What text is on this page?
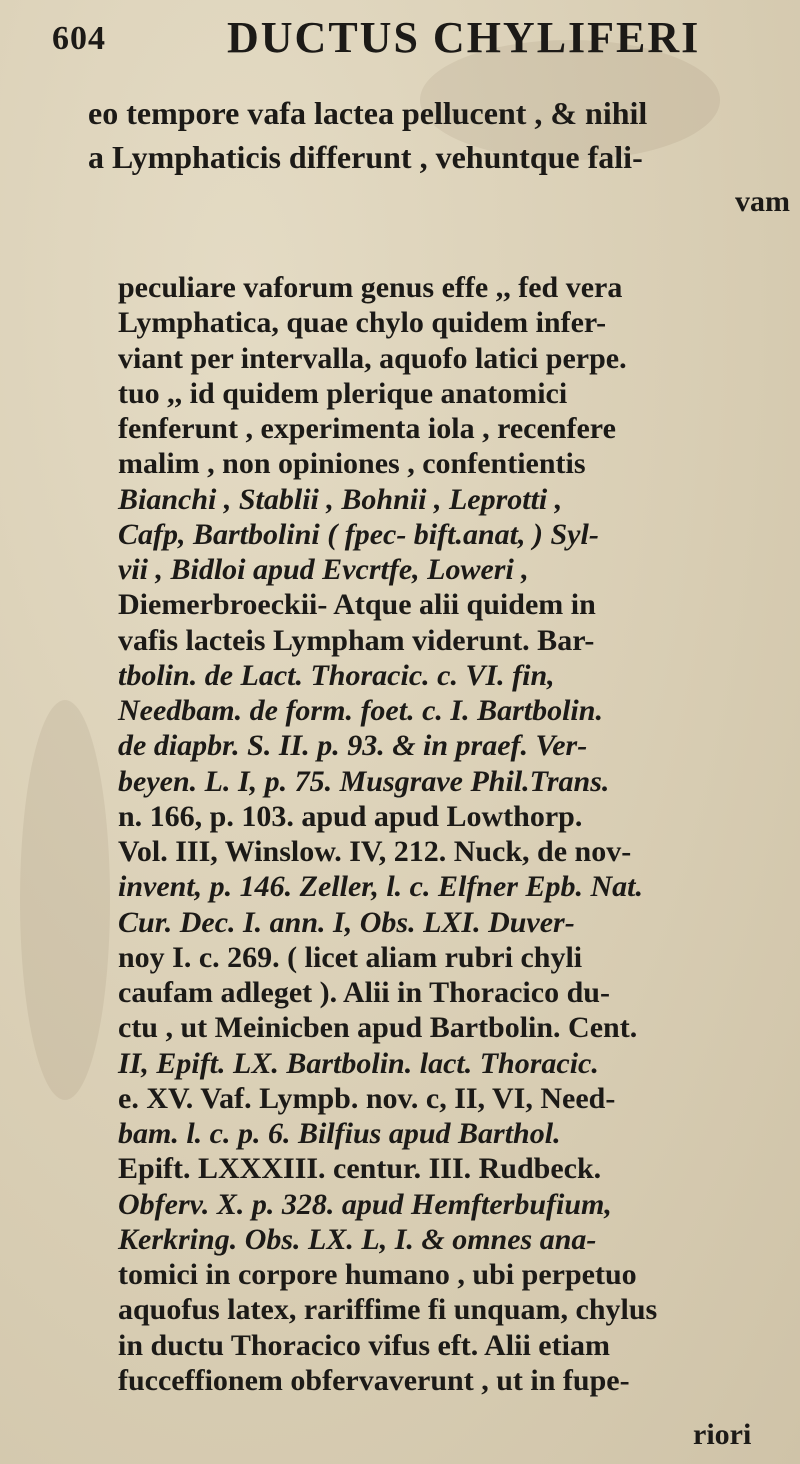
604	DUCTUS CHYLIFERI
eo tempore vafa lactea pellucent , & nihil
a Lymphaticis differunt , vehuntque fali-
vam
peculiare vaforum genus effe ,, fed vera
Lymphatica, quae chylo quidem infer-
viant per intervalla, aquofo latici perpe.
tuo ,, id quidem plerique anatomici
fenferunt , experimenta iola , recenfere
malim , non opiniones , confentientis
Bianchi , Stablii , Bohnii , Leprotti ,
Cafp, Bartbolini ( fpec- bift.anat, ) Syl-
vii , Bidloi apud Evcrtfe, Loweri ,
Diemerbroeckii- Atque alii quidem in
vafis lacteis Lympham viderunt. Bar-
tbolin. de Lact. Thoracic. c. VI. fin,
Needbam. de form. foet. c. I. Bartbolin.
de diapbr. S. II. p. 93. & in praef. Ver-
beyen. L. I, p. 75. Musgrave Phil.Trans.
n. 166, p. 103. apud apud Lowthorp.
Vol. III, Winslow. IV, 212. Nuck, de nov-
invent, p. 146. Zeller, l. c. Elfner Epb. Nat.
Cur. Dec. I. ann. I, Obs. LXI. Duver-
noy I. c. 269. ( licet aliam rubri chyli
caufam adleget ). Alii in Thoracico du-
ctu , ut Meinicben apud Bartbolin. Cent.
II, Epift. LX. Bartbolin. lact. Thoracic.
e. XV. Vaf. Lympb. nov. c, II, VI, Need-
bam. l. c. p. 6. Bilfius apud Barthol.
Epift. LXXXIII. centur. III. Rudbeck.
Obferv. X. p. 328. apud Hemfterbufium,
Kerkring. Obs. LX. L, I. & omnes ana-
tomici in corpore humano , ubi perpetuo
aquofus latex, rariffime fi unquam, chylus
in ductu Thoracico vifus eft. Alii etiam
fucceffionem obfervaverunt , ut in fupe-
riori
